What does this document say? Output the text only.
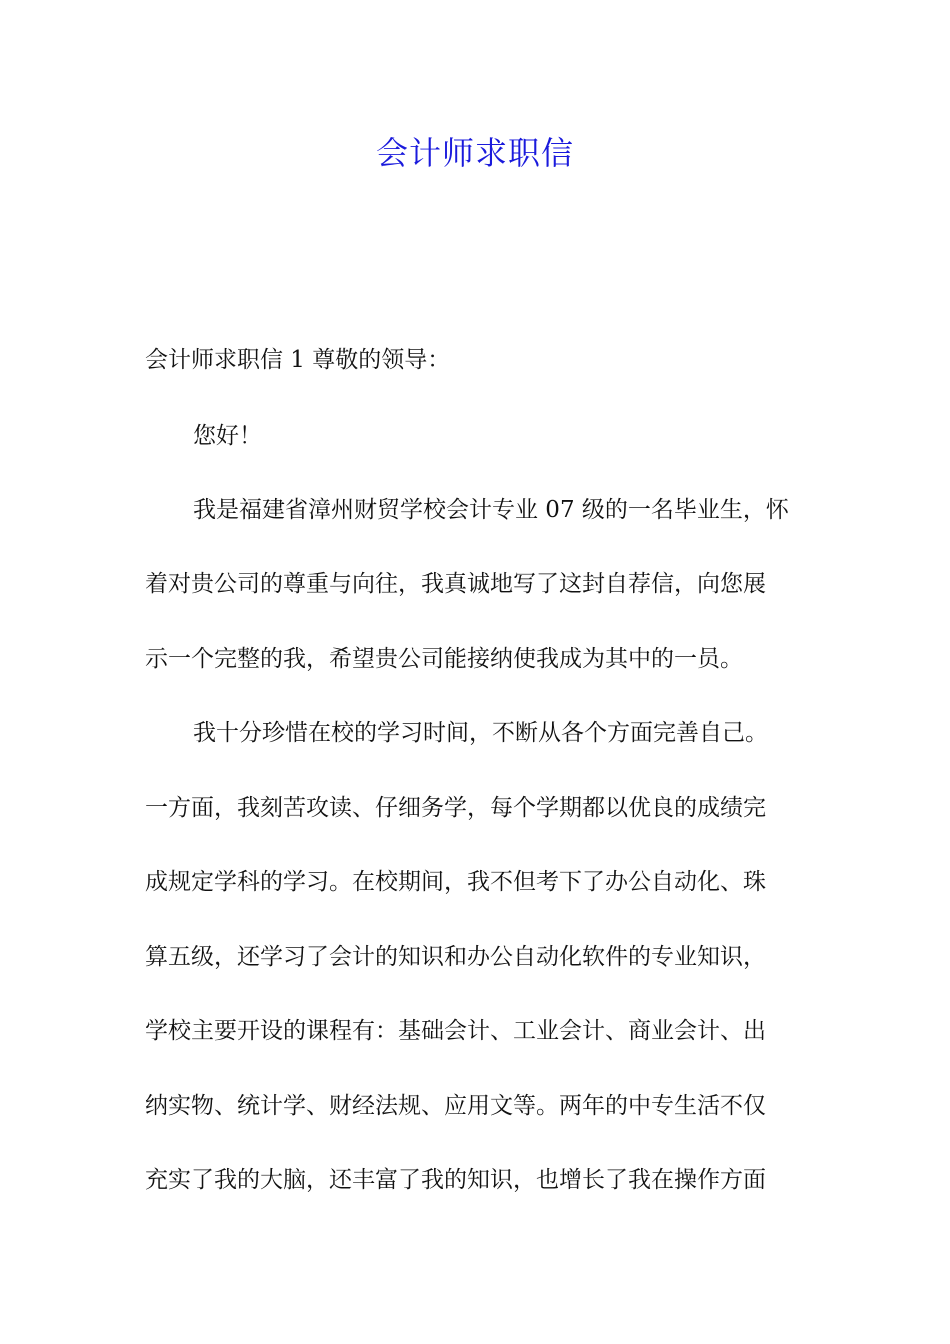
会计师求职信

会计师求职信 1 尊敬的领导：

您好！

我是福建省漳州财贸学校会计专业 07 级的一名毕业生，怀

着对贵公司的尊重与向往，我真诚地写了这封自荐信，向您展

示一个完整的我，希望贵公司能接纳使我成为其中的一员。

我十分珍惜在校的学习时间，不断从各个方面完善自己。

一方面，我刻苦攻读、仔细务学，每个学期都以优良的成绩完

成规定学科的学习。在校期间，我不但考下了办公自动化、珠

算五级，还学习了会计的知识和办公自动化软件的专业知识，

学校主要开设的课程有：基础会计、工业会计、商业会计、出

纳实物、统计学、财经法规、应用文等。两年的中专生活不仅

充实了我的大脑，还丰富了我的知识，也增长了我在操作方面
